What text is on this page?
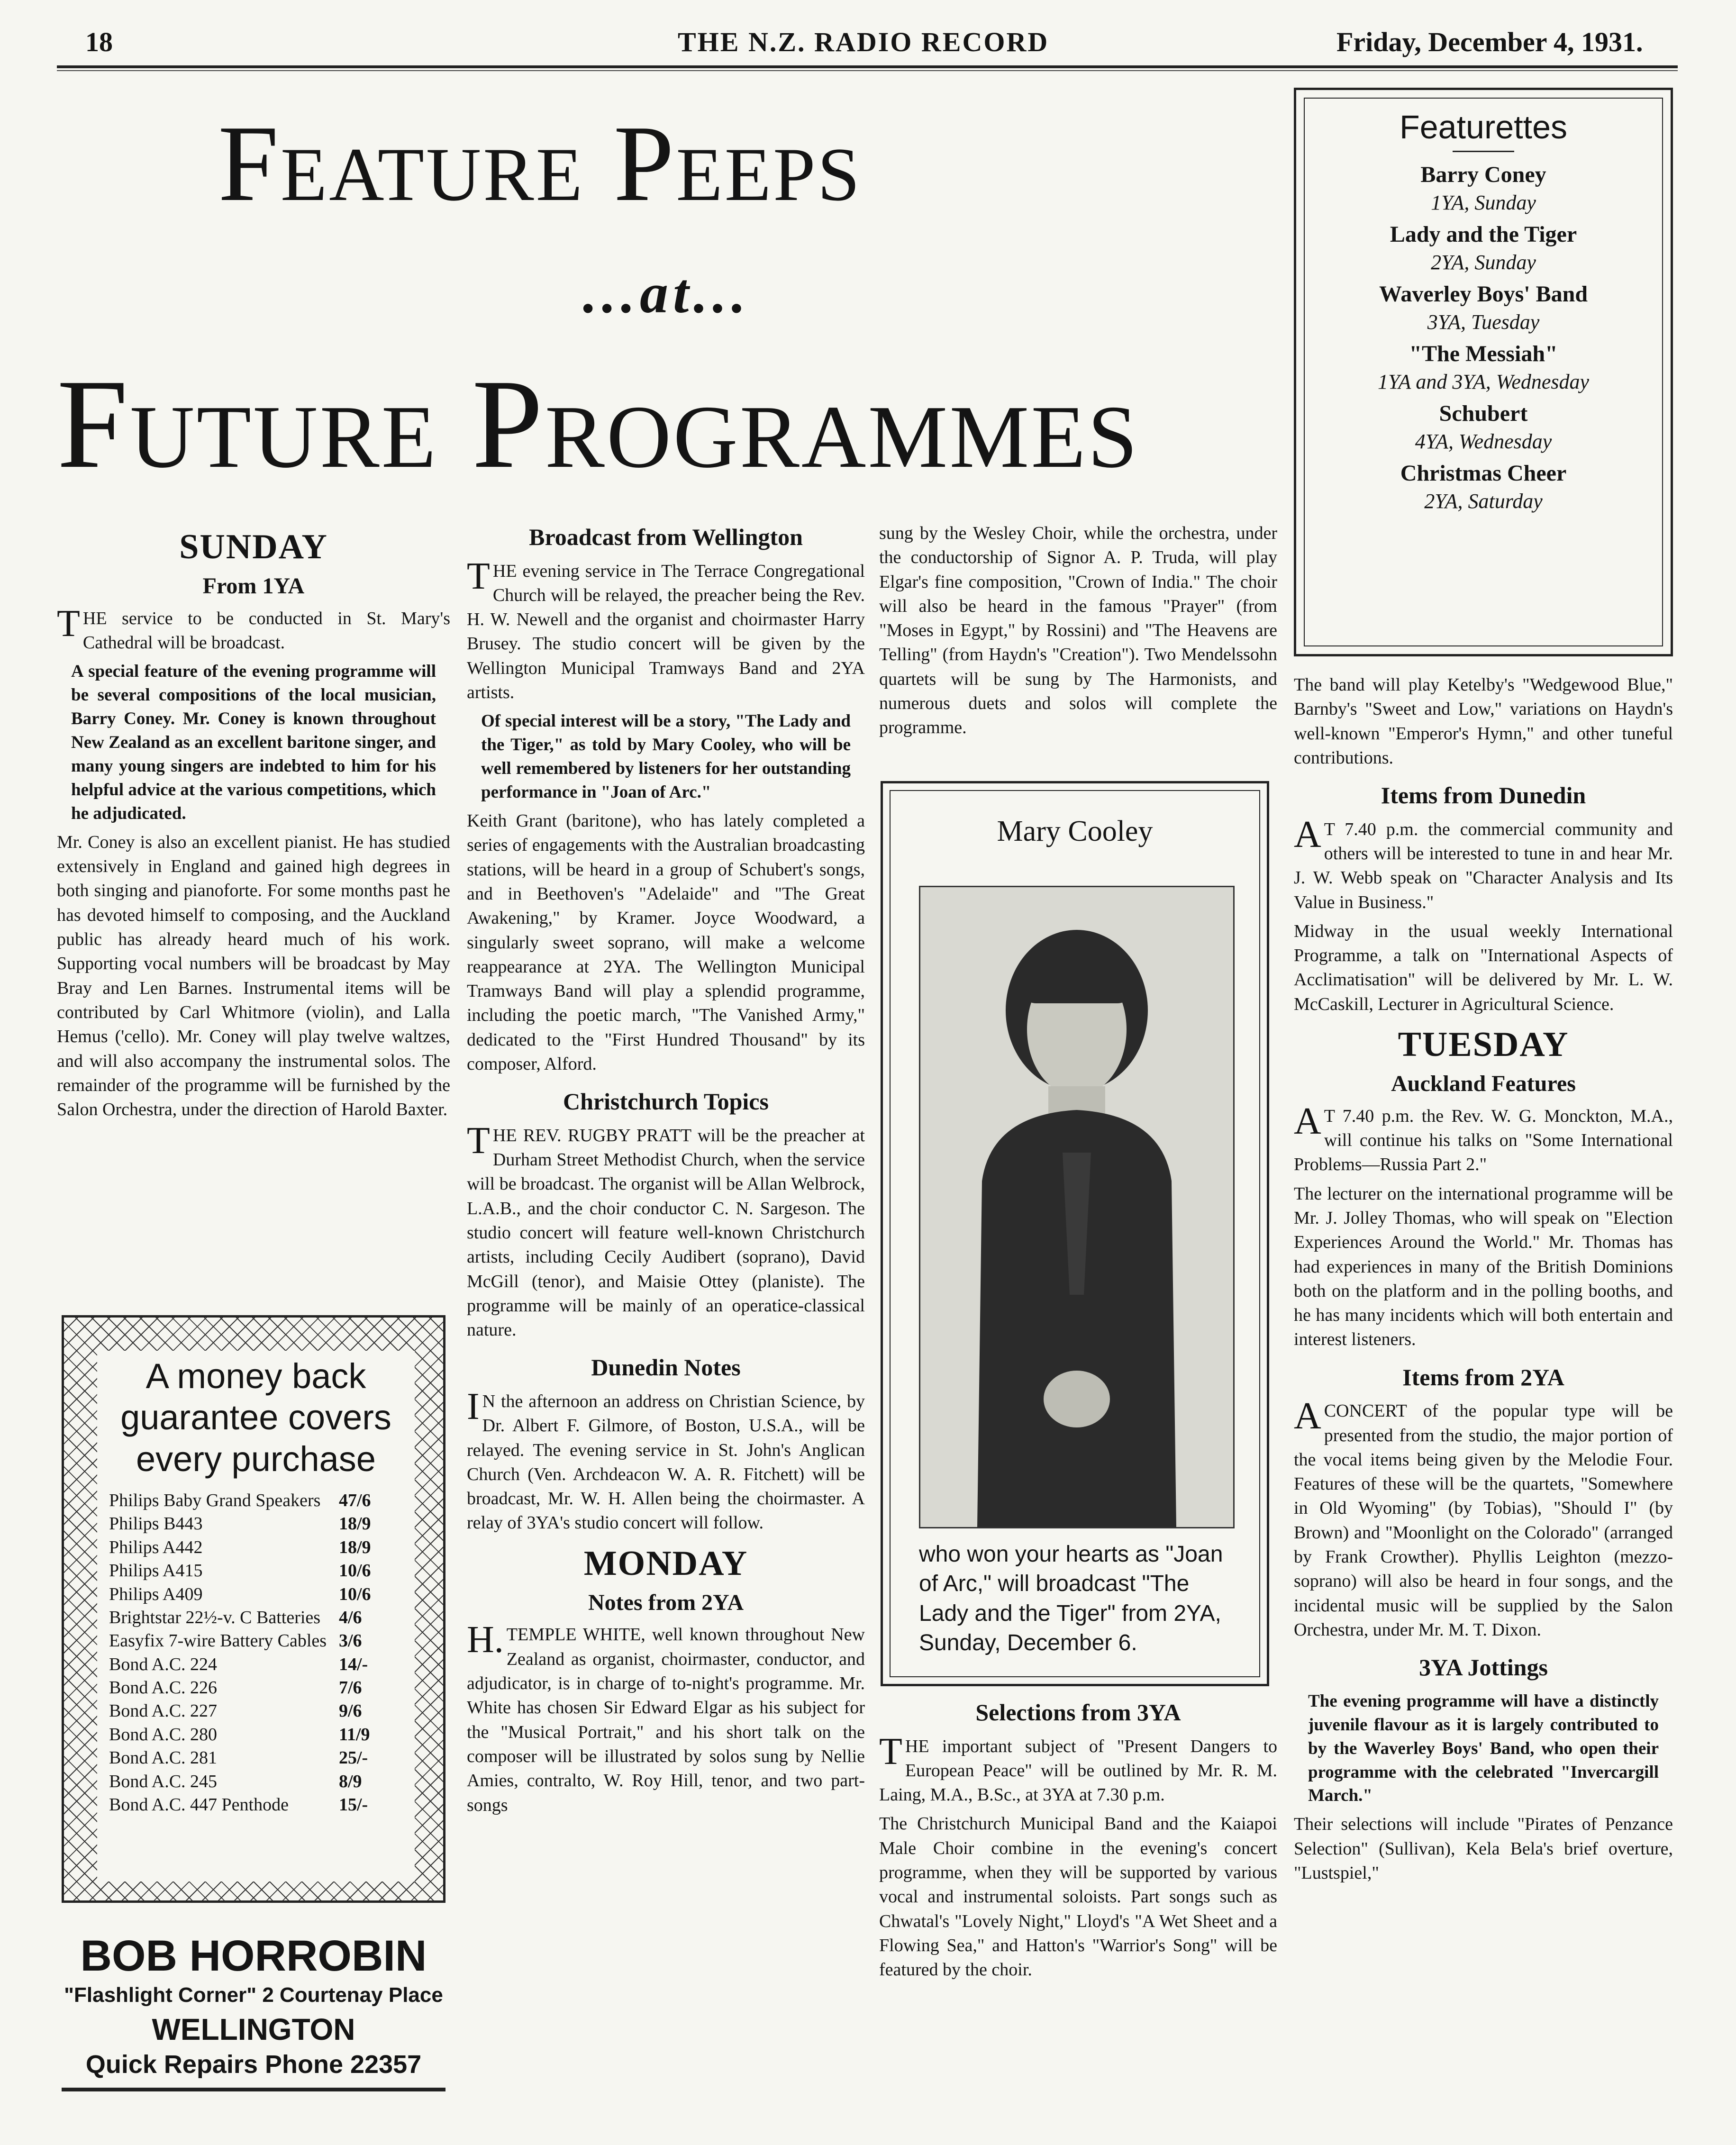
18	THE N.Z. RADIO RECORD	Friday, December 4, 1931.
Feature Peeps
...at...
Future Programmes
Featurettes
Barry Coney
1YA, Sunday
Lady and the Tiger
2YA, Sunday
Waverley Boys' Band
3YA, Tuesday
"The Messiah"
1YA and 3YA, Wednesday
Schubert
4YA, Wednesday
Christmas Cheer
2YA, Saturday
SUNDAY
From 1YA

THE service to be conducted in St. Mary's Cathedral will be broadcast.

A special feature of the evening programme will be several compositions of the local musician, Barry Coney. Mr. Coney is known throughout New Zealand as an excellent baritone singer, and many young singers are indebted to him for his helpful advice at the various competitions, which he adjudicated.

Mr. Coney is also an excellent pianist. He has studied extensively in England and gained high degrees in both singing and pianoforte. For some months past he has devoted himself to composing, and the Auckland public has already heard much of his work. Supporting vocal numbers will be broadcast by May Bray and Len Barnes. Instrumental items will be contributed by Carl Whitmore (violin), and Lalla Hemus ('cello). Mr. Coney will play twelve waltzes, and will also accompany the instrumental solos. The remainder of the programme will be furnished by the Salon Orchestra, under the direction of Harold Baxter.

A money back
guarantee covers
every purchase
Philips Baby Grand Speakers	47/6
Philips B443	18/9
Philips A442	18/9
Philips A415	10/6
Philips A409	10/6
Brightstar 22½-v. C Batteries	4/6
Easyfix 7-wire Battery Cables 3/6
Bond A.C. 224	14/-
Bond A.C. 226	7/6
Bond A.C. 227	9/6
Bond A.C. 280	11/9
Bond A.C. 281	25/-
Bond A.C. 245	8/9
Bond A.C. 447 Penthode	15/-
BOB HORROBIN
"Flashlight Corner" 2 Courtenay Place
WELLINGTON
Quick Repairs Phone 22357
Broadcast from Wellington

THE evening service in The Terrace Congregational Church will be relayed, the preacher being the Rev. H. W. Newell and the organist and choirmaster Harry Brusey. The studio concert will be given by the Wellington Municipal Tramways Band and 2YA artists.

Of special interest will be a story, "The Lady and the Tiger," as told by Mary Cooley, who will be well remembered by listeners for her outstanding performance in "Joan of Arc."

Keith Grant (baritone), who has lately completed a series of engagements with the Australian broadcasting stations, will be heard in a group of Schubert's songs, and in Beethoven's "Adelaide" and "The Great Awakening," by Kramer. Joyce Woodward, a singularly sweet soprano, will make a welcome reappearance at 2YA. The Wellington Municipal Tramways Band will play a splendid programme, including the poetic march, "The Vanished Army," dedicated to the "First Hundred Thousand" by its composer, Alford.

Christchurch Topics

THE REV. RUGBY PRATT will be the preacher at Durham Street Methodist Church, when the service will be broadcast. The organist will be Allan Welbrock, L.A.B., and the choir conductor C. N. Sargeson. The studio concert will feature well-known Christchurch artists, including Cecily Audibert (soprano), David McGill (tenor), and Maisie Ottey (planiste). The programme will be mainly of an operatice-classical nature.

Dunedin Notes

IN the afternoon an address on Christian Science, by Dr. Albert F. Gilmore, of Boston, U.S.A., will be relayed. The evening service in St. John's Anglican Church (Ven. Archdeacon W. A. R. Fitchett) will be broadcast, Mr. W. H. Allen being the choirmaster. A relay of 3YA's studio concert will follow.

MONDAY
Notes from 2YA

H.TEMPLE WHITE, well known throughout New Zealand as organist, choirmaster, conductor, and adjudicator, is in charge of to-night's programme. Mr. White has chosen Sir Edward Elgar as his subject for the "Musical Portrait," and his short talk on the composer will be illustrated by solos sung by Nellie Amies, contralto, W. Roy Hill, tenor, and two part-songs

sung by the Wesley Choir, while the orchestra, under the conductorship of Signor A. P. Truda, will play Elgar's fine composition, "Crown of India." The choir will also be heard in the famous "Prayer" (from "Moses in Egypt," by Rossini) and "The Heavens are Telling" (from Haydn's "Creation"). Two Mendelssohn quartets will be sung by The Harmonists, and numerous duets and solos will complete the programme.

Mary Cooley
who won your hearts as "Joan of Arc," will broadcast "The Lady and the Tiger" from 2YA, Sunday, December 6.
Selections from 3YA

THE important subject of "Present Dangers to European Peace" will be outlined by Mr. R. M. Laing, M.A., B.Sc., at 3YA at 7.30 p.m.

The Christchurch Municipal Band and the Kaiapoi Male Choir combine in the evening's concert programme, when they will be supported by various vocal and instrumental soloists. Part songs such as Chwatal's "Lovely Night," Lloyd's "A Wet Sheet and a Flowing Sea," and Hatton's "Warrior's Song" will be featured by the choir.

The band will play Ketelby's "Wedgewood Blue," Barnby's "Sweet and Low," variations on Haydn's well-known "Emperor's Hymn," and other tuneful contributions.

Items from Dunedin

AT 7.40 p.m. the commercial community and others will be interested to tune in and hear Mr. J. W. Webb speak on "Character Analysis and Its Value in Business."

Midway in the usual weekly International Programme, a talk on "International Aspects of Acclimatisation" will be delivered by Mr. L. W. McCaskill, Lecturer in Agricultural Science.

TUESDAY
Auckland Features

AT 7.40 p.m. the Rev. W. G. Monckton, M.A., will continue his talks on "Some International Problems—Russia Part 2."

The lecturer on the international programme will be Mr. J. Jolley Thomas, who will speak on "Election Experiences Around the World." Mr. Thomas has had experiences in many of the British Dominions both on the platform and in the polling booths, and he has many incidents which will both entertain and interest listeners.

Items from 2YA

ACONCERT of the popular type will be presented from the studio, the major portion of the vocal items being given by the Melodie Four. Features of these will be the quartets, "Somewhere in Old Wyoming" (by Tobias), "Should I" (by Brown) and "Moonlight on the Colorado" (arranged by Frank Crowther). Phyllis Leighton (mezzo-soprano) will also be heard in four songs, and the incidental music will be supplied by the Salon Orchestra, under Mr. M. T. Dixon.

3YA Jottings

The evening programme will have a distinctly juvenile flavour as it is largely contributed to by the Waverley Boys' Band, who open their programme with the celebrated "Invercargill March."

Their selections will include "Pirates of Penzance Selection" (Sullivan), Kela Bela's brief overture, "Lustspiel,"
